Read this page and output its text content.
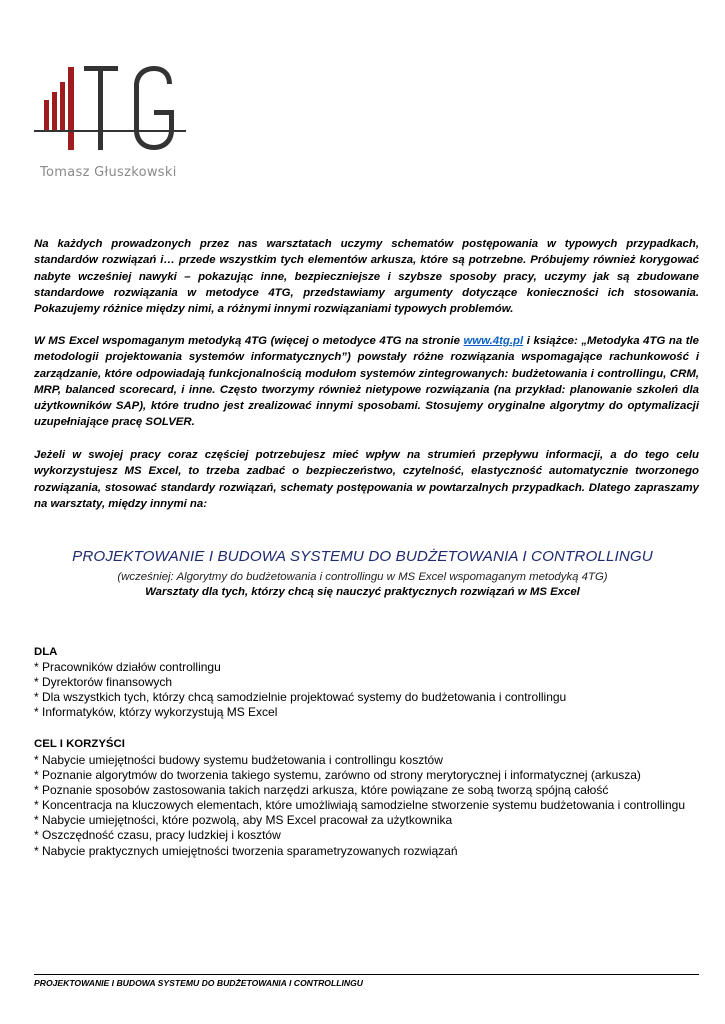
Tomasz Głuszkowski

Na każdych prowadzonych przez nas warsztatach uczymy schematów postępowania w typowych przypadkach, standardów rozwiązań i… przede wszystkim tych elementów arkusza, które są potrzebne. Próbujemy również korygować nabyte wcześniej nawyki – pokazując inne, bezpieczniejsze i szybsze sposoby pracy, uczymy jak są zbudowane standardowe rozwiązania w metodyce 4TG, przedstawiamy argumenty dotyczące konieczności ich stosowania. Pokazujemy różnice między nimi, a różnymi innymi rozwiązaniami typowych problemów.

W MS Excel wspomaganym metodyką 4TG (więcej o metodyce 4TG na stronie www.4tg.pl i książce: „Metodyka 4TG na tle metodologii projektowania systemów informatycznych”) powstały różne rozwiązania wspomagające rachunkowość i zarządzanie, które odpowiadają funkcjonalnością modułom systemów zintegrowanych: budżetowania i controllingu, CRM, MRP, balanced scorecard, i inne. Często tworzymy również nietypowe rozwiązania (na przykład: planowanie szkoleń dla użytkowników SAP), które trudno jest zrealizować innymi sposobami. Stosujemy oryginalne algorytmy do optymalizacji uzupełniające pracę SOLVER.

Jeżeli w swojej pracy coraz częściej potrzebujesz mieć wpływ na strumień przepływu informacji, a do tego celu wykorzystujesz MS Excel, to trzeba zadbać o bezpieczeństwo, czytelność, elastyczność automatycznie tworzonego rozwiązania, stosować standardy rozwiązań, schematy postępowania w powtarzalnych przypadkach. Dlatego zapraszamy na warsztaty, między innymi na:

PROJEKTOWANIE I BUDOWA SYSTEMU DO BUDŻETOWANIA I CONTROLLINGU
(wcześniej: Algorytmy do budżetowania i controllingu w MS Excel wspomaganym metodyką 4TG)
Warsztaty dla tych, którzy chcą się nauczyć praktycznych rozwiązań w MS Excel
DLA
* Pracowników działów controllingu
* Dyrektorów finansowych
* Dla wszystkich tych, którzy chcą samodzielnie projektować systemy do budżetowania i controllingu
* Informatyków, którzy wykorzystują MS Excel
CEL I KORZYŚCI
* Nabycie umiejętności budowy systemu budżetowania i controllingu kosztów
* Poznanie algorytmów do tworzenia takiego systemu, zarówno od strony merytorycznej i informatycznej (arkusza)
* Poznanie sposobów zastosowania takich narzędzi arkusza, które powiązane ze sobą tworzą spójną całość
* Koncentracja na kluczowych elementach, które umożliwiają samodzielne stworzenie systemu budżetowania i controllingu
* Nabycie umiejętności, które pozwolą, aby MS Excel pracował za użytkownika
* Oszczędność czasu, pracy ludzkiej i kosztów
* Nabycie praktycznych umiejętności tworzenia sparametryzowanych rozwiązań
PROJEKTOWANIE I BUDOWA SYSTEMU DO BUDŻETOWANIA I CONTROLLINGU
